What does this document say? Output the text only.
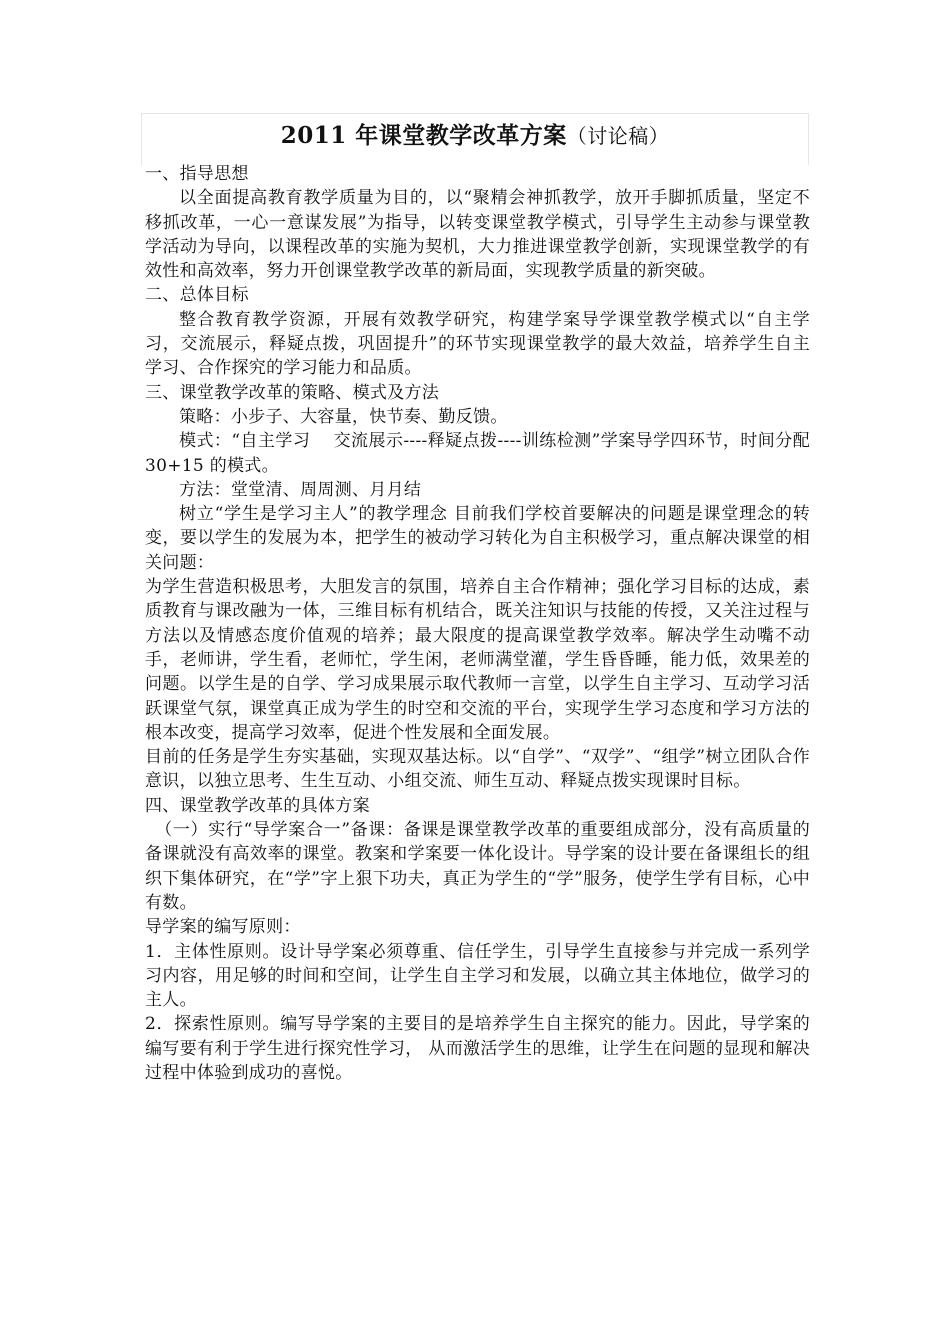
2011 年课堂教学改革方案（讨论稿）

一、指导思想

以全面提高教育教学质量为目的，以“聚精会神抓教学，放开手脚抓质量，坚定不移抓改革，一心一意谋发展”为指导，以转变课堂教学模式，引导学生主动参与课堂教学活动为导向，以课程改革的实施为契机，大力推进课堂教学创新，实现课堂教学的有效性和高效率，努力开创课堂教学改革的新局面，实现教学质量的新突破。

二、总体目标

整合教育教学资源，开展有效教学研究，构建学案导学课堂教学模式以“自主学习，交流展示，释疑点拨，巩固提升”的环节实现课堂教学的最大效益，培养学生自主学习、合作探究的学习能力和品质。

三、课堂教学改革的策略、模式及方法

策略：小步子、大容量，快节奏、勤反馈。

模式：“自主学习　 交流展示----释疑点拨----训练检测”学案导学四环节，时间分配 30+15 的模式。

方法：堂堂清、周周测、月月结

树立“学生是学习主人”的教学理念 目前我们学校首要解决的问题是课堂理念的转变，要以学生的发展为本，把学生的被动学习转化为自主积极学习，重点解决课堂的相关问题：

为学生营造积极思考，大胆发言的氛围，培养自主合作精神；强化学习目标的达成，素质教育与课改融为一体，三维目标有机结合，既关注知识与技能的传授，又关注过程与方法以及情感态度价值观的培养；最大限度的提高课堂教学效率。解决学生动嘴不动手，老师讲，学生看，老师忙，学生闲，老师满堂灌，学生昏昏睡，能力低，效果差的问题。以学生是的自学、学习成果展示取代教师一言堂，以学生自主学习、互动学习活跃课堂气氛，课堂真正成为学生的时空和交流的平台，实现学生学习态度和学习方法的根本改变，提高学习效率，促进个性发展和全面发展。

目前的任务是学生夯实基础，实现双基达标。以“自学”、“双学”、“组学”树立团队合作意识，以独立思考、生生互动、小组交流、师生互动、释疑点拨实现课时目标。

四、课堂教学改革的具体方案

（一）实行“导学案合一”备课：备课是课堂教学改革的重要组成部分，没有高质量的备课就没有高效率的课堂。教案和学案要一体化设计。导学案的设计要在备课组长的组织下集体研究，在“学”字上狠下功夫，真正为学生的“学”服务，使学生学有目标，心中有数。

导学案的编写原则：

1．主体性原则。设计导学案必须尊重、信任学生，引导学生直接参与并完成一系列学习内容，用足够的时间和空间，让学生自主学习和发展，以确立其主体地位，做学习的主人。

2．探索性原则。编写导学案的主要目的是培养学生自主探究的能力。因此，导学案的编写要有利于学生进行探究性学习， 从而激活学生的思维，让学生在问题的显现和解决过程中体验到成功的喜悦。
